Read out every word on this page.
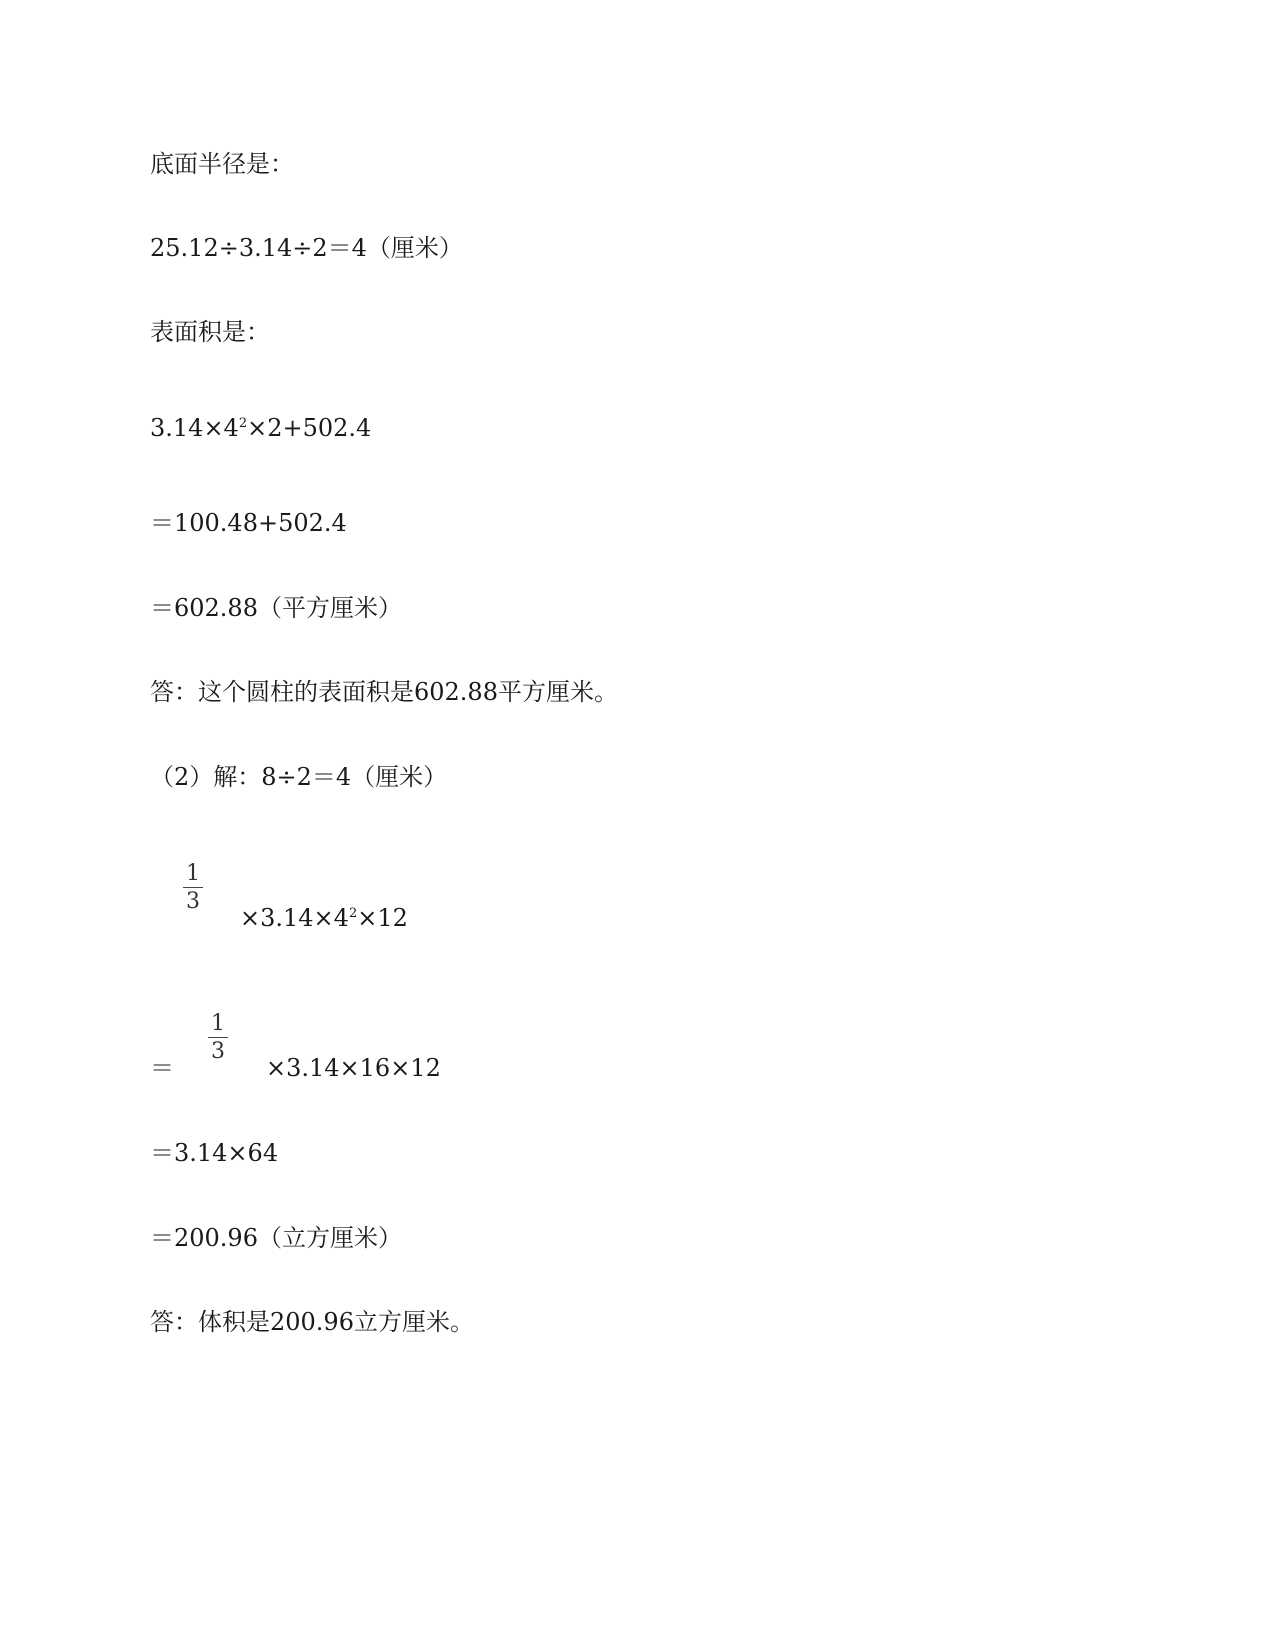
底面半径是：
25.12÷3.14÷2＝4（厘米）
表面积是：
$3.14\times 4^2\times 2+502.4$
＝100.48+502.4
＝602.88（平方厘米）
答：这个圆柱的表面积是602.88平方厘米。
（2）解：8÷2＝4（厘米）
1
3
$\times 3.14\times 4^2\times 12$
＝
1
3
×3.14×16×12
＝3.14×64
＝200.96（立方厘米）
答：体积是200.96立方厘米。
